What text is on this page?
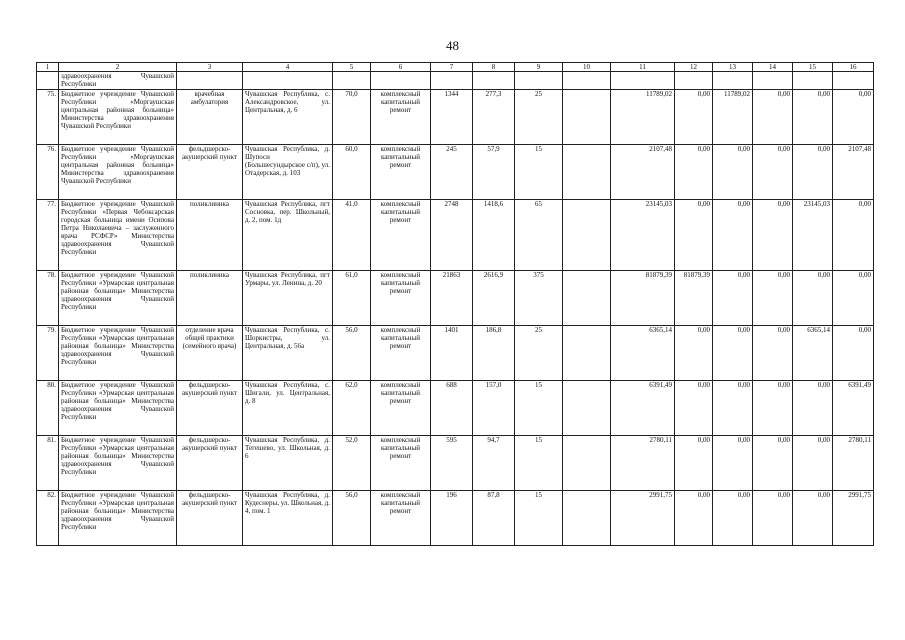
48
1	2	3	4	5	6	7	8	9	10	11	12	13	14	15	16
	здравоохранения Чувашской Республики														
75.	Бюджетное учреждение Чувашской Республики «Моргаушская центральная районная больница» Министерства здравоохранения Чувашской Республики	врачебная амбулатория	Чувашская Республика, с. Александровское, ул. Центральная, д. 6	70,0	комплексный капитальный ремонт	1344	277,3	25		11789,02	0,00	11789,02	0,00	0,00	0,00
76.	Бюджетное учреждение Чувашской Республики «Моргаушская центральная районная больница» Министерства здравоохранения Чувашской Республики	фельдшерско-акушерский пункт	Чувашская Республика, д. Шупоси (Большесундырское с/п), ул. Отадерская, д. 103	60,0	комплексный капитальный ремонт	245	57,9	15		2107,48	0,00	0,00	0,00	0,00	2107,48
77.	Бюджетное учреждение Чувашской Республики «Первая Чебоксарская городская больница имени Осипова Петра Николаевича – заслуженного врача РСФСР» Министерства здравоохранения Чувашской Республики	поликлиника	Чувашская Республика, пгт Сосновка, пер. Школьный, д. 2, пом. 1д	41,0	комплексный капитальный ремонт	2748	1418,6	65		23145,03	0,00	0,00	0,00	23145,03	0,00
78.	Бюджетное учреждение Чувашской Республики «Урмарская центральная районная больница» Министерства здравоохранения Чувашской Республики	поликлиника	Чувашская Республика, пгт Урмары, ул. Ленина, д. 20	61,0	комплексный капитальный ремонт	21863	2616,9	375		81879,39	81879,39	0,00	0,00	0,00	0,00
79.	Бюджетное учреждение Чувашской Республики «Урмарская центральная районная больница» Министерства здравоохранения Чувашской Республики	отделение врача общей практики (семейного врача)	Чувашская Республика, с. Шоркистры, ул. Центральная, д. 56а	56,0	комплексный капитальный ремонт	1401	186,8	25		6365,14	0,00	0,00	0,00	6365,14	0,00
80.	Бюджетное учреждение Чувашской Республики «Урмарская центральная районная больница» Министерства здравоохранения Чувашской Республики	фельдшерско-акушерский пункт	Чувашская Республика, с. Шигали, ул. Центральная, д. 8	62,0	комплексный капитальный ремонт	688	157,0	15		6391,49	0,00	0,00	0,00	0,00	6391,49
81.	Бюджетное учреждение Чувашской Республики «Урмарская центральная районная больница» Министерства здравоохранения Чувашской Республики	фельдшерско-акушерский пункт	Чувашская Республика, д. Тегешево, ул. Школьная, д. 6	52,0	комплексный капитальный ремонт	595	94,7	15		2780,11	0,00	0,00	0,00	0,00	2780,11
82.	Бюджетное учреждение Чувашской Республики «Урмарская центральная районная больница» Министерства здравоохранения Чувашской Республики	фельдшерско-акушерский пункт	Чувашская Республика, д. Кудеснеры, ул. Школьная, д. 4, пом. 1	56,0	комплексный капитальный ремонт	196	87,8	15		2991,75	0,00	0,00	0,00	0,00	2991,75
